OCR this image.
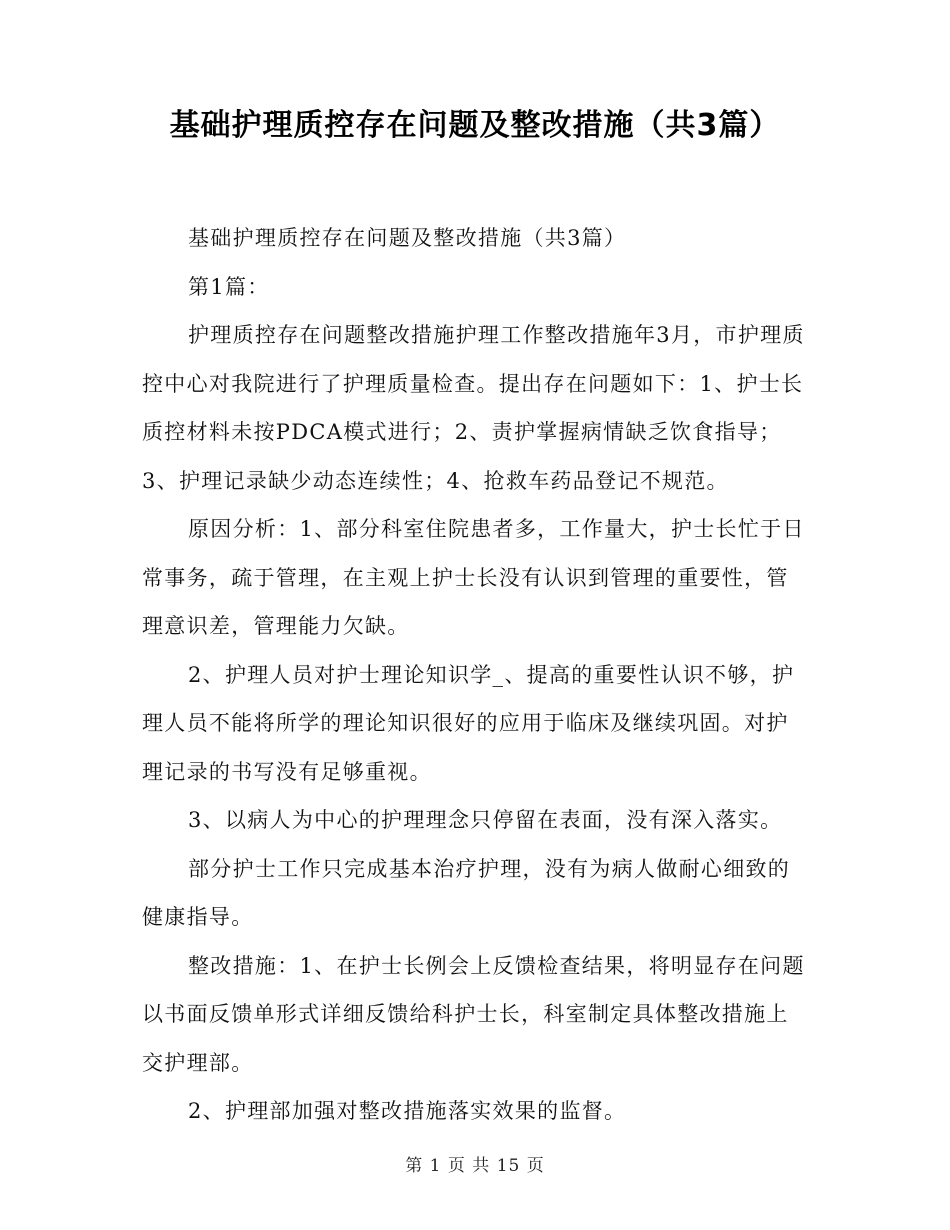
基础护理质控存在问题及整改措施（共3篇）

基础护理质控存在问题及整改措施（共3篇）

第1篇：

护理质控存在问题整改措施护理工作整改措施年3月，市护理质控中心对我院进行了护理质量检查。提出存在问题如下：1、护士长质控材料未按PDCA模式进行；2、责护掌握病情缺乏饮食指导；3、护理记录缺少动态连续性；4、抢救车药品登记不规范。

原因分析：1、部分科室住院患者多，工作量大，护士长忙于日常事务，疏于管理，在主观上护士长没有认识到管理的重要性，管理意识差，管理能力欠缺。

2、护理人员对护士理论知识学_、提高的重要性认识不够，护理人员不能将所学的理论知识很好的应用于临床及继续巩固。对护理记录的书写没有足够重视。

3、以病人为中心的护理理念只停留在表面，没有深入落实。

部分护士工作只完成基本治疗护理，没有为病人做耐心细致的健康指导。

整改措施：1、在护士长例会上反馈检查结果，将明显存在问题以书面反馈单形式详细反馈给科护士长，科室制定具体整改措施上交护理部。

2、护理部加强对整改措施落实效果的监督。

第 1 页 共 15 页
